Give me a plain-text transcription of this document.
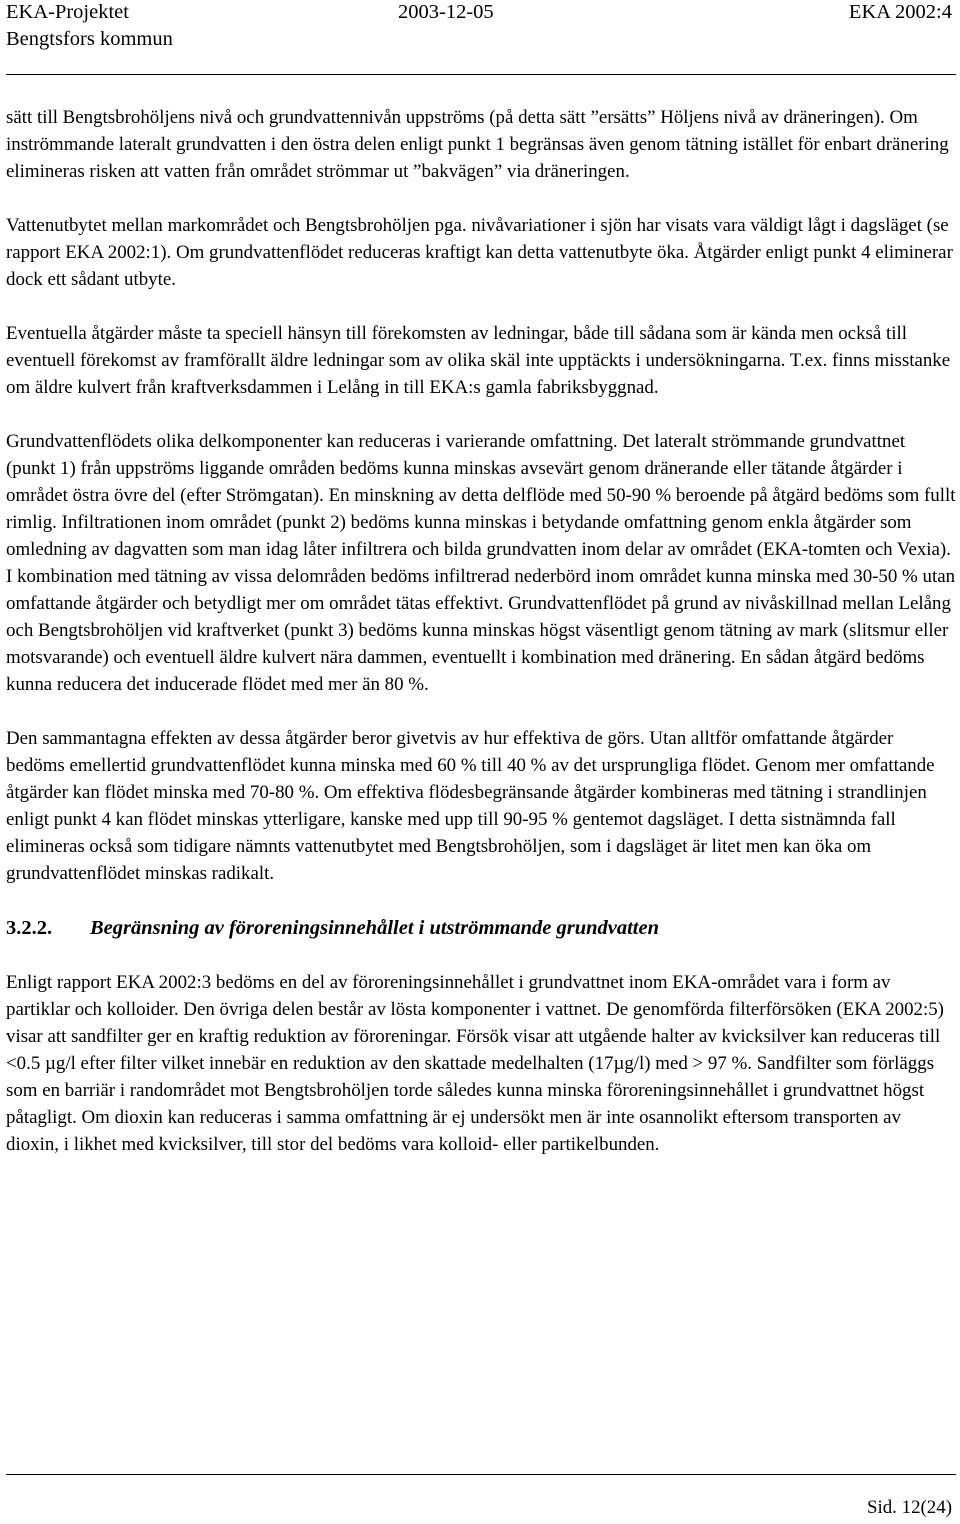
EKA-Projektet	2003-12-05	EKA 2002:4
Bengtsfors kommun

sätt till Bengtsbrohöljens nivå och grundvattennivån uppströms (på detta sätt ”ersätts” Höljens nivå av dräneringen). Om inströmmande lateralt grundvatten i den östra delen enligt punkt 1 begränsas även genom tätning istället för enbart dränering elimineras risken att vatten från området strömmar ut ”bakvägen” via dräneringen.

Vattenutbytet mellan markområdet och Bengtsbrohöljen pga. nivåvariationer i sjön har visats vara väldigt lågt i dagsläget (se rapport EKA 2002:1). Om grundvattenflödet reduceras kraftigt kan detta vattenutbyte öka. Åtgärder enligt punkt 4 eliminerar dock ett sådant utbyte.

Eventuella åtgärder måste ta speciell hänsyn till förekomsten av ledningar, både till sådana som är kända men också till eventuell förekomst av framförallt äldre ledningar som av olika skäl inte upptäckts i undersökningarna. T.ex. finns misstanke om äldre kulvert från kraftverksdammen i Lelång in till EKA:s gamla fabriksbyggnad.

Grundvattenflödets olika delkomponenter kan reduceras i varierande omfattning. Det lateralt strömmande grundvattnet (punkt 1) från uppströms liggande områden bedöms kunna minskas avsevärt genom dränerande eller tätande åtgärder i området östra övre del (efter Strömgatan). En minskning av detta delflöde med 50-90 % beroende på åtgärd bedöms som fullt rimlig. Infiltrationen inom området (punkt 2) bedöms kunna minskas i betydande omfattning genom enkla åtgärder som omledning av dagvatten som man idag låter infiltrera och bilda grundvatten inom delar av området (EKA-tomten och Vexia). I kombination med tätning av vissa delområden bedöms infiltrerad nederbörd inom området kunna minska med 30-50 % utan omfattande åtgärder och betydligt mer om området tätas effektivt. Grundvattenflödet på grund av nivåskillnad mellan Lelång och Bengtsbrohöljen vid kraftverket (punkt 3) bedöms kunna minskas högst väsentligt genom tätning av mark (slitsmur eller motsvarande) och eventuell äldre kulvert nära dammen, eventuellt i kombination med dränering. En sådan åtgärd bedöms kunna reducera det inducerade flödet med mer än 80 %.

Den sammantagna effekten av dessa åtgärder beror givetvis av hur effektiva de görs. Utan alltför omfattande åtgärder bedöms emellertid grundvattenflödet kunna minska med 60 % till 40 % av det ursprungliga flödet. Genom mer omfattande åtgärder kan flödet minska med 70-80 %. Om effektiva flödesbegränsande åtgärder kombineras med tätning i strandlinjen enligt punkt 4 kan flödet minskas ytterligare, kanske med upp till 90-95 % gentemot dagsläget. I detta sistnämnda fall elimineras också som tidigare nämnts vattenutbytet med Bengtsbrohöljen, som i dagsläget är litet men kan öka om grundvattenflödet minskas radikalt.

3.2.2. Begränsning av föroreningsinnehållet i utströmmande grundvatten

Enligt rapport EKA 2002:3 bedöms en del av föroreningsinnehållet i grundvattnet inom EKA-området vara i form av partiklar och kolloider. Den övriga delen består av lösta komponenter i vattnet. De genomförda filterförsöken (EKA 2002:5) visar att sandfilter ger en kraftig reduktion av föroreningar. Försök visar att utgående halter av kvicksilver kan reduceras till <0.5 µg/l efter filter vilket innebär en reduktion av den skattade medelhalten (17µg/l) med > 97 %. Sandfilter som förläggs som en barriär i randområdet mot Bengtsbrohöljen torde således kunna minska föroreningsinnehållet i grundvattnet högst påtagligt. Om dioxin kan reduceras i samma omfattning är ej undersökt men är inte osannolikt eftersom transporten av dioxin, i likhet med kvicksilver, till stor del bedöms vara kolloid- eller partikelbunden.

Sid. 12(24)
